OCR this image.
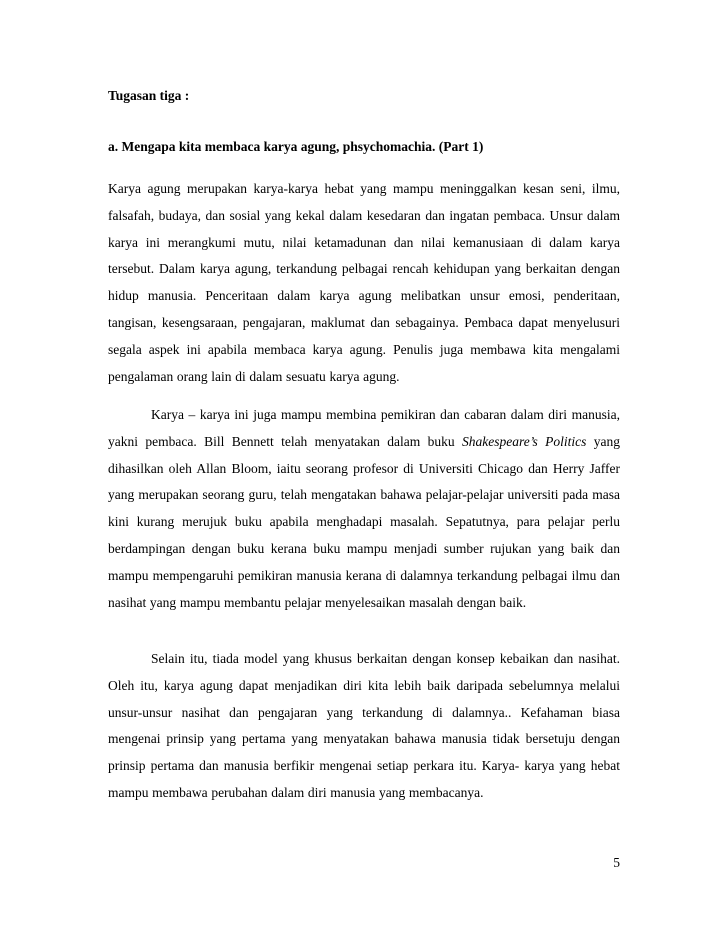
Tugasan tiga :
a. Mengapa kita membaca karya agung, phsychomachia. (Part 1)
Karya agung merupakan karya-karya hebat yang mampu meninggalkan kesan seni, ilmu, falsafah, budaya, dan sosial yang kekal dalam kesedaran dan ingatan pembaca. Unsur dalam karya ini merangkumi mutu, nilai ketamadunan dan nilai kemanusiaan di dalam karya tersebut. Dalam karya agung, terkandung pelbagai rencah kehidupan yang berkaitan dengan hidup manusia. Penceritaan dalam karya agung melibatkan unsur emosi, penderitaan, tangisan, kesengsaraan, pengajaran, maklumat dan sebagainya. Pembaca dapat menyelusuri segala aspek ini apabila membaca karya agung. Penulis juga membawa kita mengalami pengalaman orang lain di dalam sesuatu karya agung.
Karya – karya ini juga mampu membina pemikiran dan cabaran dalam diri manusia, yakni pembaca. Bill Bennett telah menyatakan dalam buku Shakespeare’s Politics yang dihasilkan oleh Allan Bloom, iaitu seorang profesor di Universiti Chicago dan Herry Jaffer yang merupakan seorang guru, telah mengatakan bahawa pelajar-pelajar universiti pada masa kini kurang merujuk buku apabila menghadapi masalah. Sepatutnya, para pelajar perlu berdampingan dengan buku kerana buku mampu menjadi sumber rujukan yang baik dan mampu mempengaruhi pemikiran manusia kerana di dalamnya terkandung pelbagai ilmu dan nasihat yang mampu membantu pelajar menyelesaikan masalah dengan baik.
Selain itu, tiada model yang khusus berkaitan dengan konsep kebaikan dan nasihat. Oleh itu, karya agung dapat menjadikan diri kita lebih baik daripada sebelumnya melalui unsur-unsur nasihat dan pengajaran yang terkandung di dalamnya.. Kefahaman biasa mengenai prinsip yang pertama yang menyatakan bahawa manusia tidak bersetuju dengan prinsip pertama dan manusia berfikir mengenai setiap perkara itu. Karya- karya yang hebat mampu membawa perubahan dalam diri manusia yang membacanya.
5
